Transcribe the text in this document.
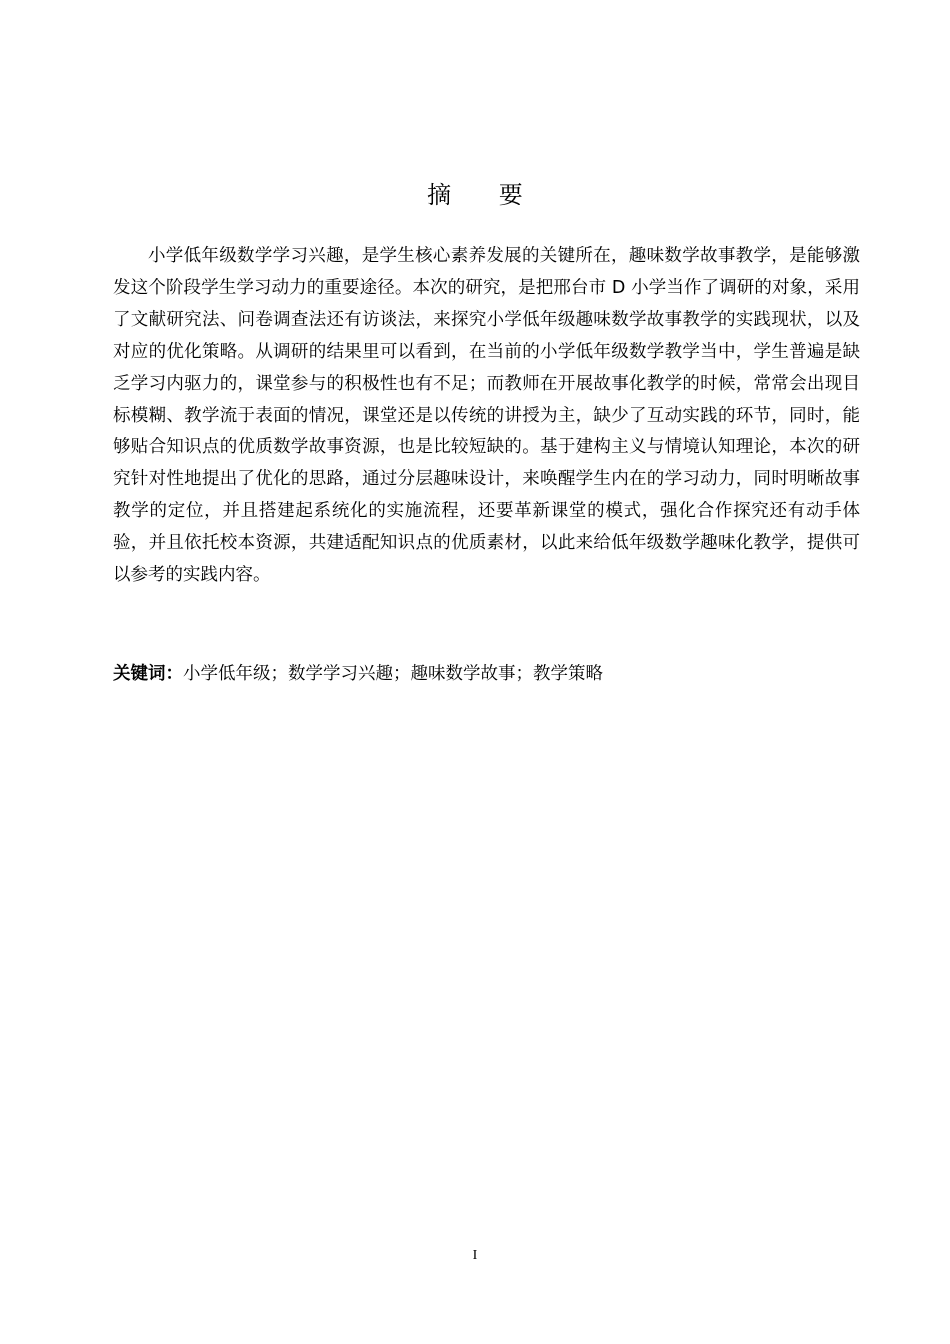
摘 要

小学低年级数学学习兴趣，是学生核心素养发展的关键所在，趣味数学故事教学，是能够激发这个阶段学生学习动力的重要途径。本次的研究，是把邢台市 D 小学当作了调研的对象，采用了文献研究法、问卷调查法还有访谈法，来探究小学低年级趣味数学故事教学的实践现状，以及对应的优化策略。从调研的结果里可以看到，在当前的小学低年级数学教学当中，学生普遍是缺乏学习内驱力的，课堂参与的积极性也有不足；而教师在开展故事化教学的时候，常常会出现目标模糊、教学流于表面的情况，课堂还是以传统的讲授为主，缺少了互动实践的环节，同时，能够贴合知识点的优质数学故事资源，也是比较短缺的。基于建构主义与情境认知理论，本次的研究针对性地提出了优化的思路，通过分层趣味设计，来唤醒学生内在的学习动力，同时明晰故事教学的定位，并且搭建起系统化的实施流程，还要革新课堂的模式，强化合作探究还有动手体验，并且依托校本资源，共建适配知识点的优质素材，以此来给低年级数学趣味化教学，提供可以参考的实践内容。

关键词：小学低年级；数学学习兴趣；趣味数学故事；教学策略
I
